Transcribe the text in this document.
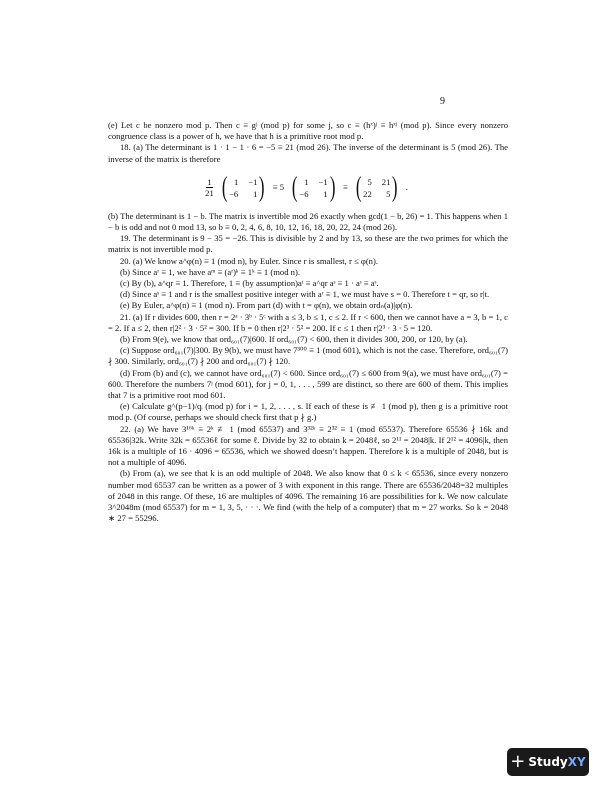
9

(e) Let c be nonzero mod p. Then c ≡ gʲ (mod p) for some j, so c ≡ (hˣ)ʲ ≡ hˣʲ (mod p). Since every nonzero congruence class is a power of h, we have that h is a primitive root mod p.

18. (a) The determinant is 1 · 1 − 1 · 6 = −5 ≡ 21 (mod 26). The inverse of the determinant is 5 (mod 26). The inverse of the matrix is therefore

$\frac{1}{21}$ ( 1 −1
−6	1 ) ≡ 5 ( 1 −1
−6	1 ) ≡ ( 5 21
22	5 ) .

(b) The determinant is 1 − b. The matrix is invertible mod 26 exactly when gcd(1 − b, 26) = 1. This happens when 1 − b is odd and not 0 mod 13, so b ≡ 0, 2, 4, 6, 8, 10, 12, 16, 18, 20, 22, 24 (mod 26).

19. The determinant is 9 − 35 = −26. This is divisible by 2 and by 13, so these are the two primes for which the matrix is not invertible mod p.

20. (a) We know a^φ(n) ≡ 1 (mod n), by Euler. Since r is smallest, r ≤ φ(n).

(b) Since aʳ ≡ 1, we have aᵐ ≡ (aʳ)ᵏ ≡ 1ᵏ ≡ 1 (mod n).

(c) By (b), a^qr ≡ 1. Therefore, 1 ≡ (by assumption)aᵗ ≡ a^qr aˢ ≡ 1 · aˢ ≡ aˢ.

(d) Since aˢ ≡ 1 and r is the smallest positive integer with aʳ ≡ 1, we must have s = 0. Therefore t = qr, so r|t.

(e) By Euler, a^φ(n) ≡ 1 (mod n). From part (d) with t = φ(n), we obtain ordₙ(a)|φ(n).

21. (a) If r divides 600, then r = 2ᵃ · 3ᵇ · 5ᶜ with a ≤ 3, b ≤ 1, c ≤ 2. If r < 600, then we cannot have a = 3, b = 1, c = 2. If a ≤ 2, then r|2² · 3 · 5² = 300. If b = 0 then r|2³ · 5² = 200. If c ≤ 1 then r|2³ · 3 · 5 = 120.

(b) From 9(e), we know that ord₆₀₁(7)|600. If ord₆₀₁(7) < 600, then it divides 300, 200, or 120, by (a).

(c) Suppose ord₆₀₁(7)|300. By 9(b), we must have 7³⁰⁰ ≡ 1 (mod 601), which is not the case. Therefore, ord₆₀₁(7) ∤ 300. Similarly, ord₆₀₁(7) ∤ 200 and ord₆₀₁(7) ∤ 120.

(d) From (b) and (c), we cannot have ord₆₀₁(7) < 600. Since ord₆₀₁(7) ≤ 600 from 9(a), we must have ord₆₀₁(7) = 600. Therefore the numbers 7ʲ (mod 601), for j = 0, 1, . . . , 599 are distinct, so there are 600 of them. This implies that 7 is a primitive root mod 601.

(e) Calculate g^(p−1)/qᵢ (mod p) for i = 1, 2, . . . , s. If each of these is ≢ 1 (mod p), then g is a primitive root mod p. (Of course, perhaps we should check first that p ∤ g.)

22. (a) We have 3¹⁶ᵏ ≡ 2ᵏ ≢ 1 (mod 65537) and 3³²ᵏ ≡ 2³² ≡ 1 (mod 65537). Therefore 65536 ∤ 16k and 65536|32k. Write 32k = 65536ℓ for some ℓ. Divide by 32 to obtain k = 2048ℓ, so 2¹¹ = 2048|k. If 2¹² = 4096|k, then 16k is a multiple of 16 · 4096 = 65536, which we showed doesn’t happen. Therefore k is a multiple of 2048, but is not a multiple of 4096.

(b) From (a), we see that k is an odd multiple of 2048. We also know that 0 ≤ k < 65536, since every nonzero number mod 65537 can be written as a power of 3 with exponent in this range. There are 65536/2048=32 multiples of 2048 in this range. Of these, 16 are multiples of 4096. The remaining 16 are possibilities for k. We now calculate 3^2048m (mod 65537) for m = 1, 3, 5, · · ·. We find (with the help of a computer) that m = 27 works. So k = 2048 ∗ 27 = 55296.

+ Study XY
